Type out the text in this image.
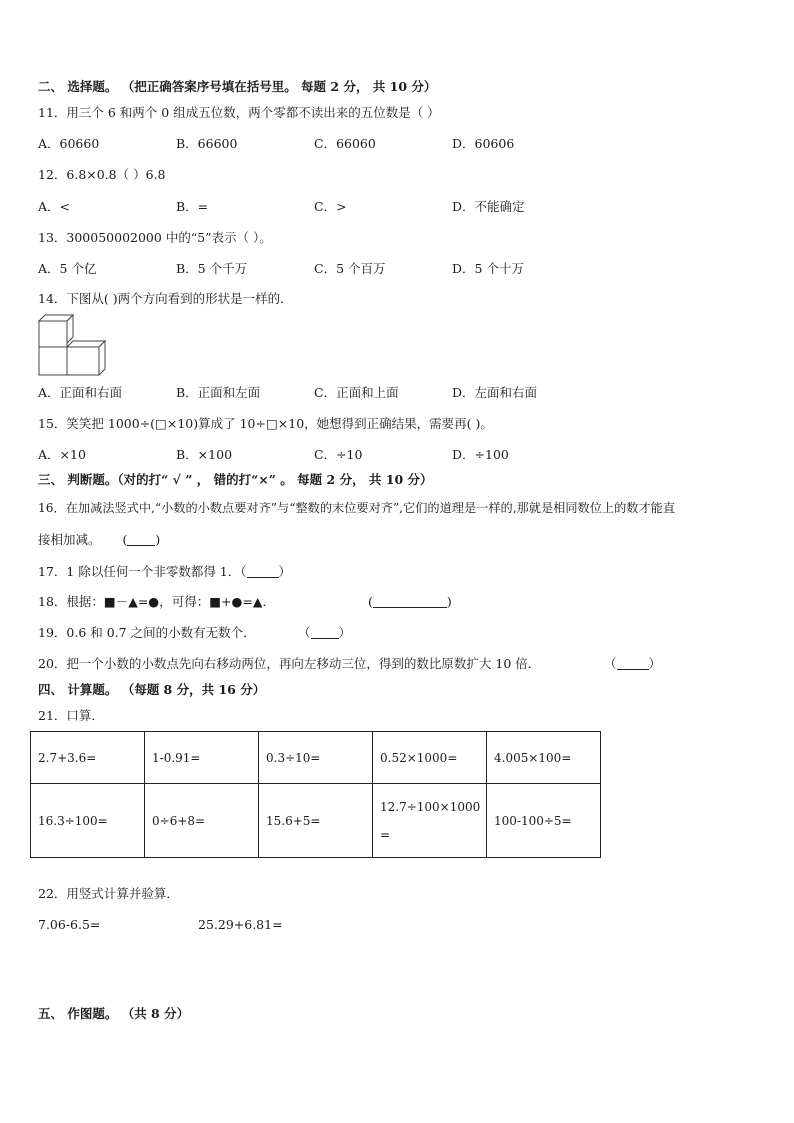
二、 选择题。 （把正确答案序号填在括号里。 每题 2 分， 共 10 分）
11．用三个 6 和两个 0 组成五位数，两个零都不读出来的五位数是（ ）
A．60660	B．66600	C．66060	D．60606
12．6.8×0.8（ ）6.8
A．<	B．=	C．>	D．不能确定
13．300050002000 中的“5”表示（ ）。
A．5 个亿	B．5 个千万	C．5 个百万	D．5 个十万
14．下图从( )两个方向看到的形状是一样的．
A．正面和右面	B．正面和左面	C．正面和上面	D．左面和右面
15．笑笑把 1000÷(□×10)算成了 10÷□×10，她想得到正确结果，需要再( )。
A．×10	B．×100	C．÷10	D．÷100
三、 判断题。（对的打“ √ ” ， 错的打“×” 。 每题 2 分， 共 10 分）
16．在加减法竖式中,“小数的小数点要对齐”与“整数的末位要对齐”,它们的道理是一样的,那就是相同数位上的数才能直
接相加减。 ( )
17．1 除以任何一个非零数都得 1．（	）
18．根据：■－▲=●，可得：■+●=▲．	(	)
19．0.6 和 0.7 之间的小数有无数个．	（ ）
20．把一个小数的小数点先向右移动两位，再向左移动三位，得到的数比原数扩大 10 倍．	（	）
四、 计算题。 （每题 8 分，共 16 分）
21．口算．
2.7+3.6=	1-0.91=	0.3÷10=	0.52×1000=	4.005×100=
16.3÷100=	0÷6+8=	15.6+5=	12.7÷100×1000
=	100-100÷5=
22．用竖式计算并验算．
7.06-6.5=	25.29+6.81=
五、 作图题。 （共 8 分）
